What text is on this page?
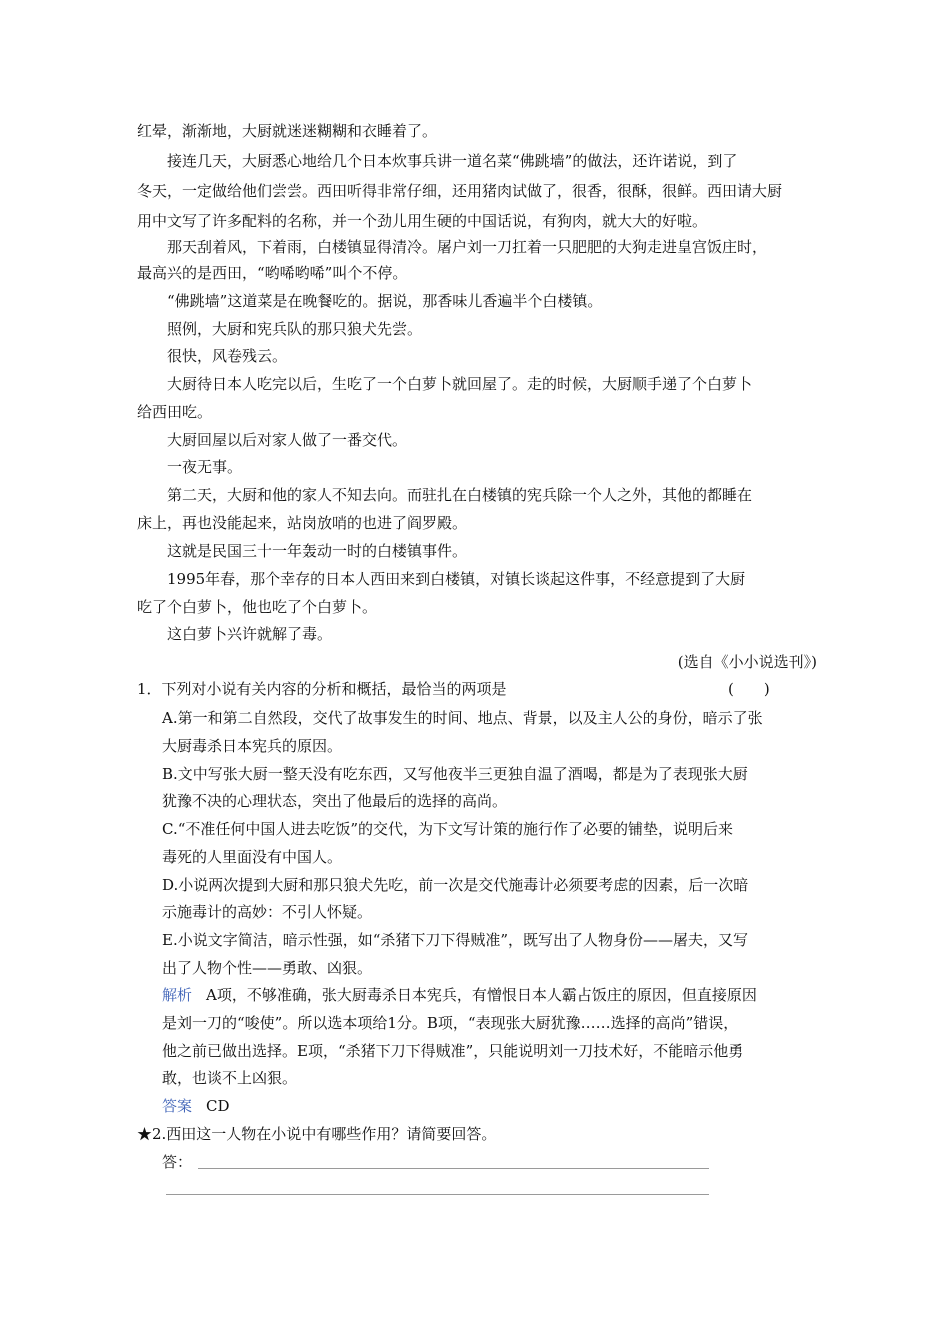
红晕，渐渐地，大厨就迷迷糊糊和衣睡着了。
接连几天，大厨悉心地给几个日本炊事兵讲一道名菜“佛跳墙”的做法，还许诺说，到了
冬天，一定做给他们尝尝。西田听得非常仔细，还用猪肉试做了，很香，很酥，很鲜。西田请大厨
用中文写了许多配料的名称，并一个劲儿用生硬的中国话说，有狗肉，就大大的好啦。
那天刮着风，下着雨，白楼镇显得清冷。屠户刘一刀扛着一只肥肥的大狗走进皇宫饭庄时，
最高兴的是西田，“哟唏哟唏”叫个不停。
“佛跳墙”这道菜是在晚餐吃的。据说，那香味儿香遍半个白楼镇。
照例，大厨和宪兵队的那只狼犬先尝。
很快，风卷残云。
大厨待日本人吃完以后，生吃了一个白萝卜就回屋了。走的时候，大厨顺手递了个白萝卜
给西田吃。
大厨回屋以后对家人做了一番交代。
一夜无事。
第二天，大厨和他的家人不知去向。而驻扎在白楼镇的宪兵除一个人之外，其他的都睡在
床上，再也没能起来，站岗放哨的也进了阎罗殿。
这就是民国三十一年轰动一时的白楼镇事件。
1995年春，那个幸存的日本人西田来到白楼镇，对镇长谈起这件事，不经意提到了大厨
吃了个白萝卜，他也吃了个白萝卜。
这白萝卜兴许就解了毒。
(选自《小小说选刊》)
1．下列对小说有关内容的分析和概括，最恰当的两项是	(　　)
A.第一和第二自然段，交代了故事发生的时间、地点、背景，以及主人公的身份，暗示了张
大厨毒杀日本宪兵的原因。
B.文中写张大厨一整天没有吃东西，又写他夜半三更独自温了酒喝，都是为了表现张大厨
犹豫不决的心理状态，突出了他最后的选择的高尚。
C.“不准任何中国人进去吃饭”的交代，为下文写计策的施行作了必要的铺垫，说明后来
毒死的人里面没有中国人。
D.小说两次提到大厨和那只狼犬先吃，前一次是交代施毒计必须要考虑的因素，后一次暗
示施毒计的高妙：不引人怀疑。
E.小说文字简洁，暗示性强，如“杀猪下刀下得贼准”，既写出了人物身份——屠夫，又写
出了人物个性——勇敢、凶狠。
解析 A项，不够准确，张大厨毒杀日本宪兵，有憎恨日本人霸占饭庄的原因，但直接原因
是刘一刀的“唆使”。所以选本项给1分。B项，“表现张大厨犹豫……选择的高尚”错误，
他之前已做出选择。E项，“杀猪下刀下得贼准”，只能说明刘一刀技术好，不能暗示他勇
敢，也谈不上凶狠。
答案 CD
★2.西田这一人物在小说中有哪些作用？请简要回答。
答：
